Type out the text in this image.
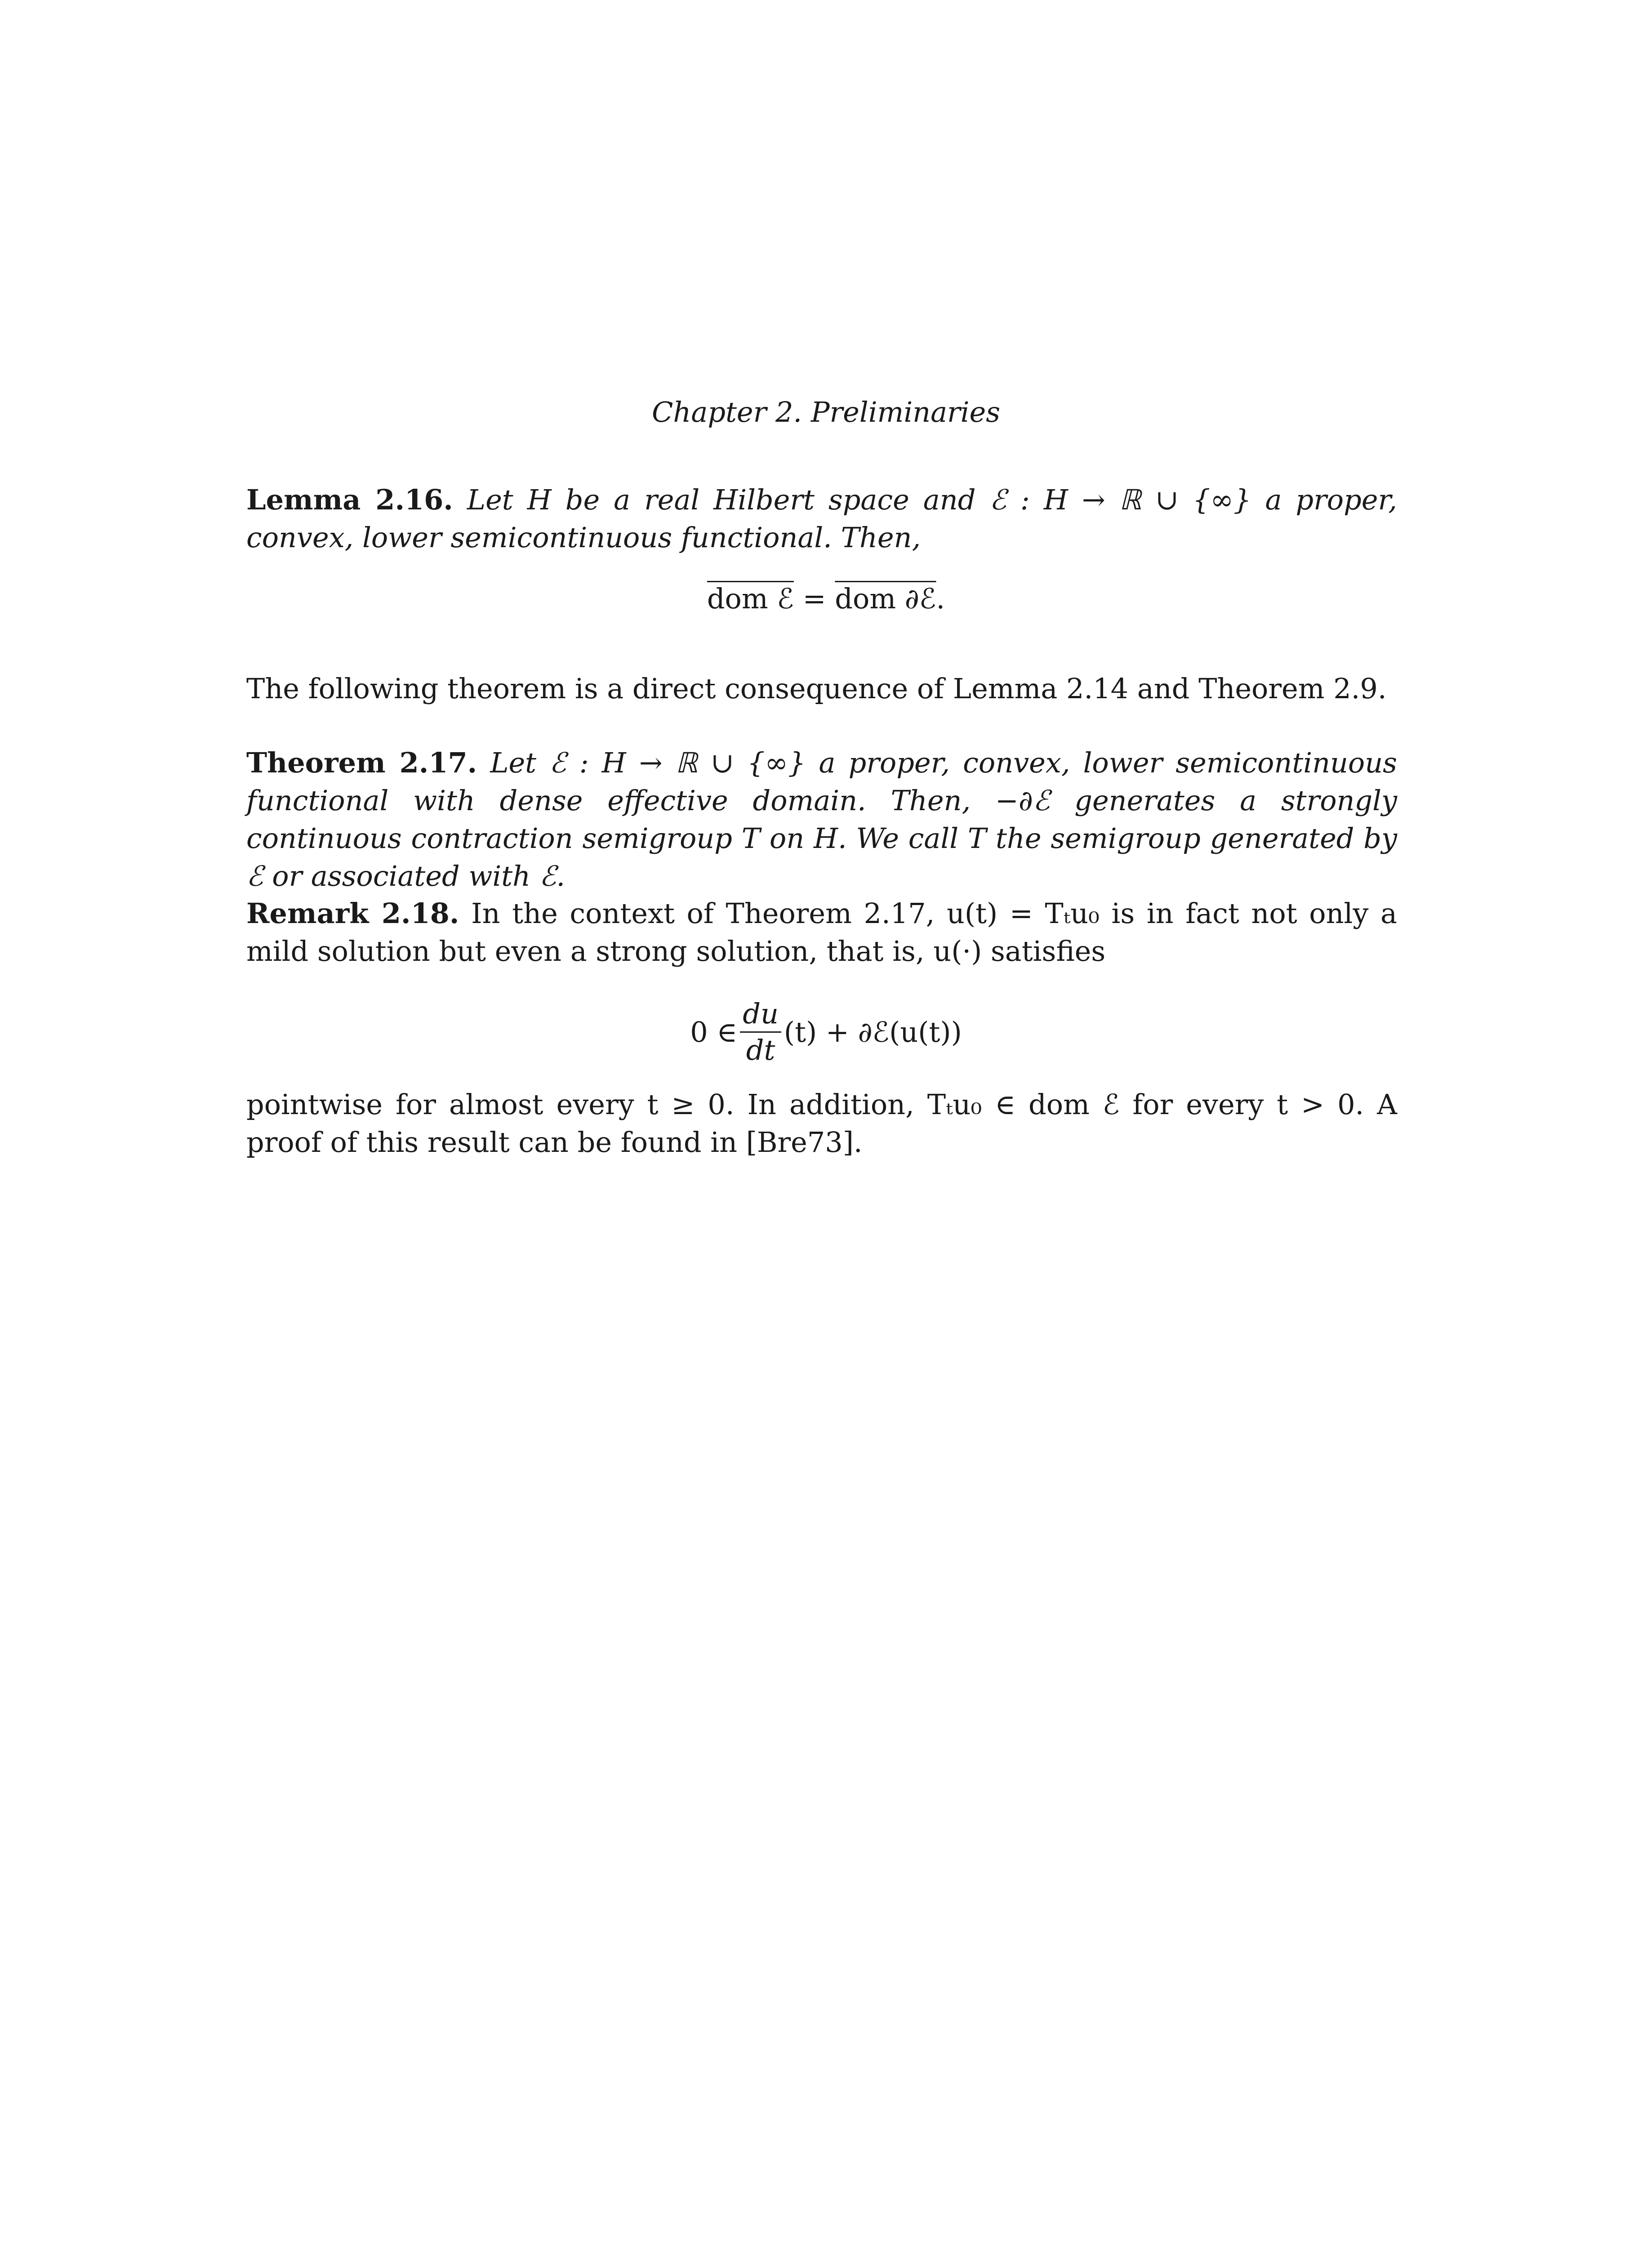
Chapter 2. Preliminaries
Lemma 2.16. Let H be a real Hilbert space and ℰ : H → ℝ ∪ {∞} a proper, convex, lower semicontinuous functional. Then,
dom ℰ = dom ∂ℰ.
The following theorem is a direct consequence of Lemma 2.14 and Theorem 2.9.
Theorem 2.17. Let ℰ : H → ℝ ∪ {∞} a proper, convex, lower semicontinuous functional with dense effective domain. Then, −∂ℰ generates a strongly continuous contraction semigroup T on H. We call T the semigroup generated by ℰ or associated with ℰ.
Remark 2.18. In the context of Theorem 2.17, u(t) = Tₜu₀ is in fact not only a mild solution but even a strong solution, that is, u(·) satisfies
0 ∈ $\frac{du}{dt} (t)$ + ∂ℰ(u(t))
pointwise for almost every t ≥ 0. In addition, Tₜu₀ ∈ dom ℰ for every t > 0. A proof of this result can be found in [Bre73].
